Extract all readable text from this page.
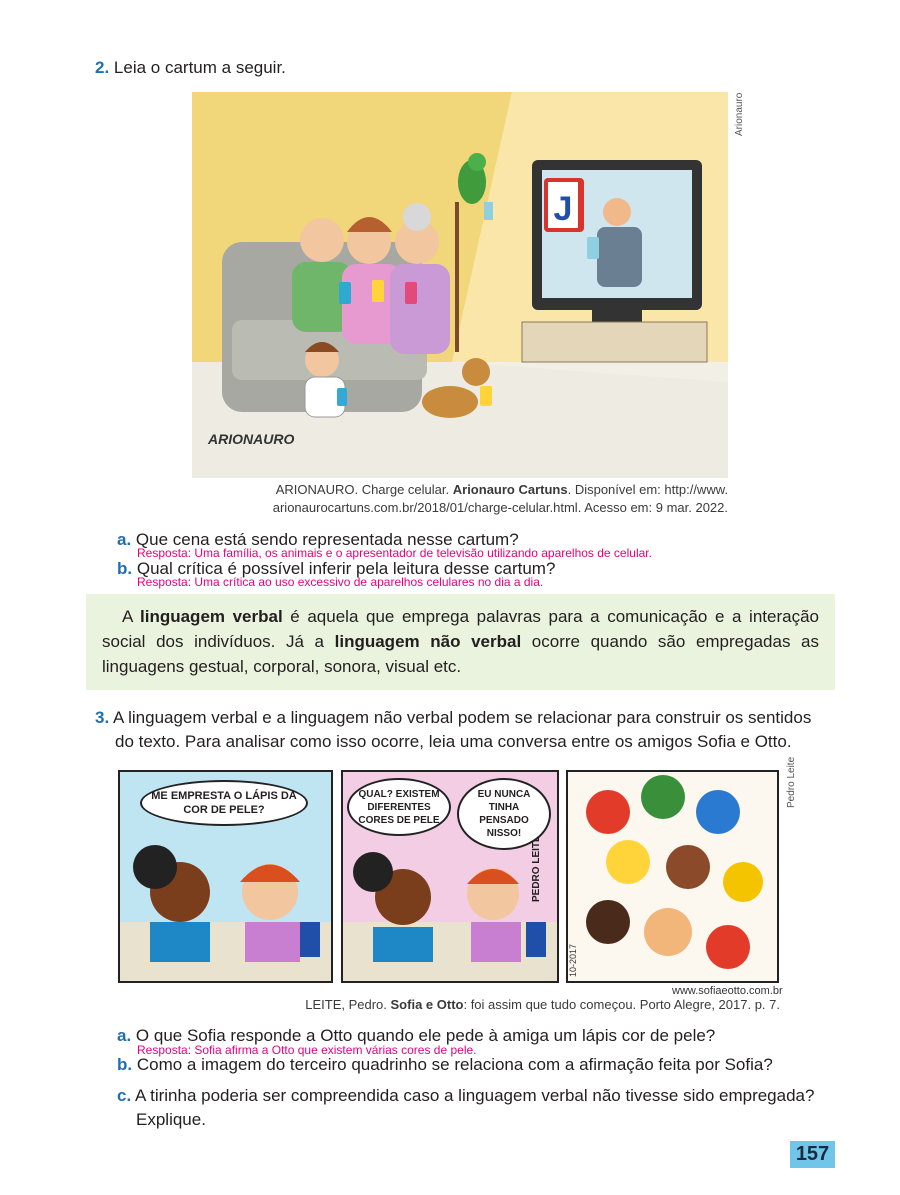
2. Leia o cartum a seguir.
J
ARIONAURO
Arionauro
ARIONAURO. Charge celular. Arionauro Cartuns. Disponível em: http://www.
arionaurocartuns.com.br/2018/01/charge-celular.html. Acesso em: 9 mar. 2022.
a. Que cena está sendo representada nesse cartum?
Resposta: Uma família, os animais e o apresentador de televisão utilizando aparelhos de celular.
b. Qual crítica é possível inferir pela leitura desse cartum?
Resposta: Uma crítica ao uso excessivo de aparelhos celulares no dia a dia.
A linguagem verbal é aquela que emprega palavras para a comunicação e a interação social dos indivíduos. Já a linguagem não verbal ocorre quando são empregadas as linguagens gestual, corporal, sonora, visual etc.
3. A linguagem verbal e a linguagem não verbal podem se relacionar para construir os sentidos
do texto. Para analisar como isso ocorre, leia uma conversa entre os amigos Sofia e Otto.
ME EMPRESTA O LÁPIS DA COR DE PELE?
PEDRO LEITE
QUAL? EXISTEM DIFERENTES CORES DE PELE
EU NUNCA TINHA PENSADO NISSO!
10-2017
Pedro Leite
www.sofiaeotto.com.br
LEITE, Pedro. Sofia e Otto: foi assim que tudo começou. Porto Alegre, 2017. p. 7.
a. O que Sofia responde a Otto quando ele pede à amiga um lápis cor de pele?
Resposta: Sofia afirma a Otto que existem várias cores de pele.
b. Como a imagem do terceiro quadrinho se relaciona com a afirmação feita por Sofia?
c. A tirinha poderia ser compreendida caso a linguagem verbal não tivesse sido empregada?
Explique.
157
